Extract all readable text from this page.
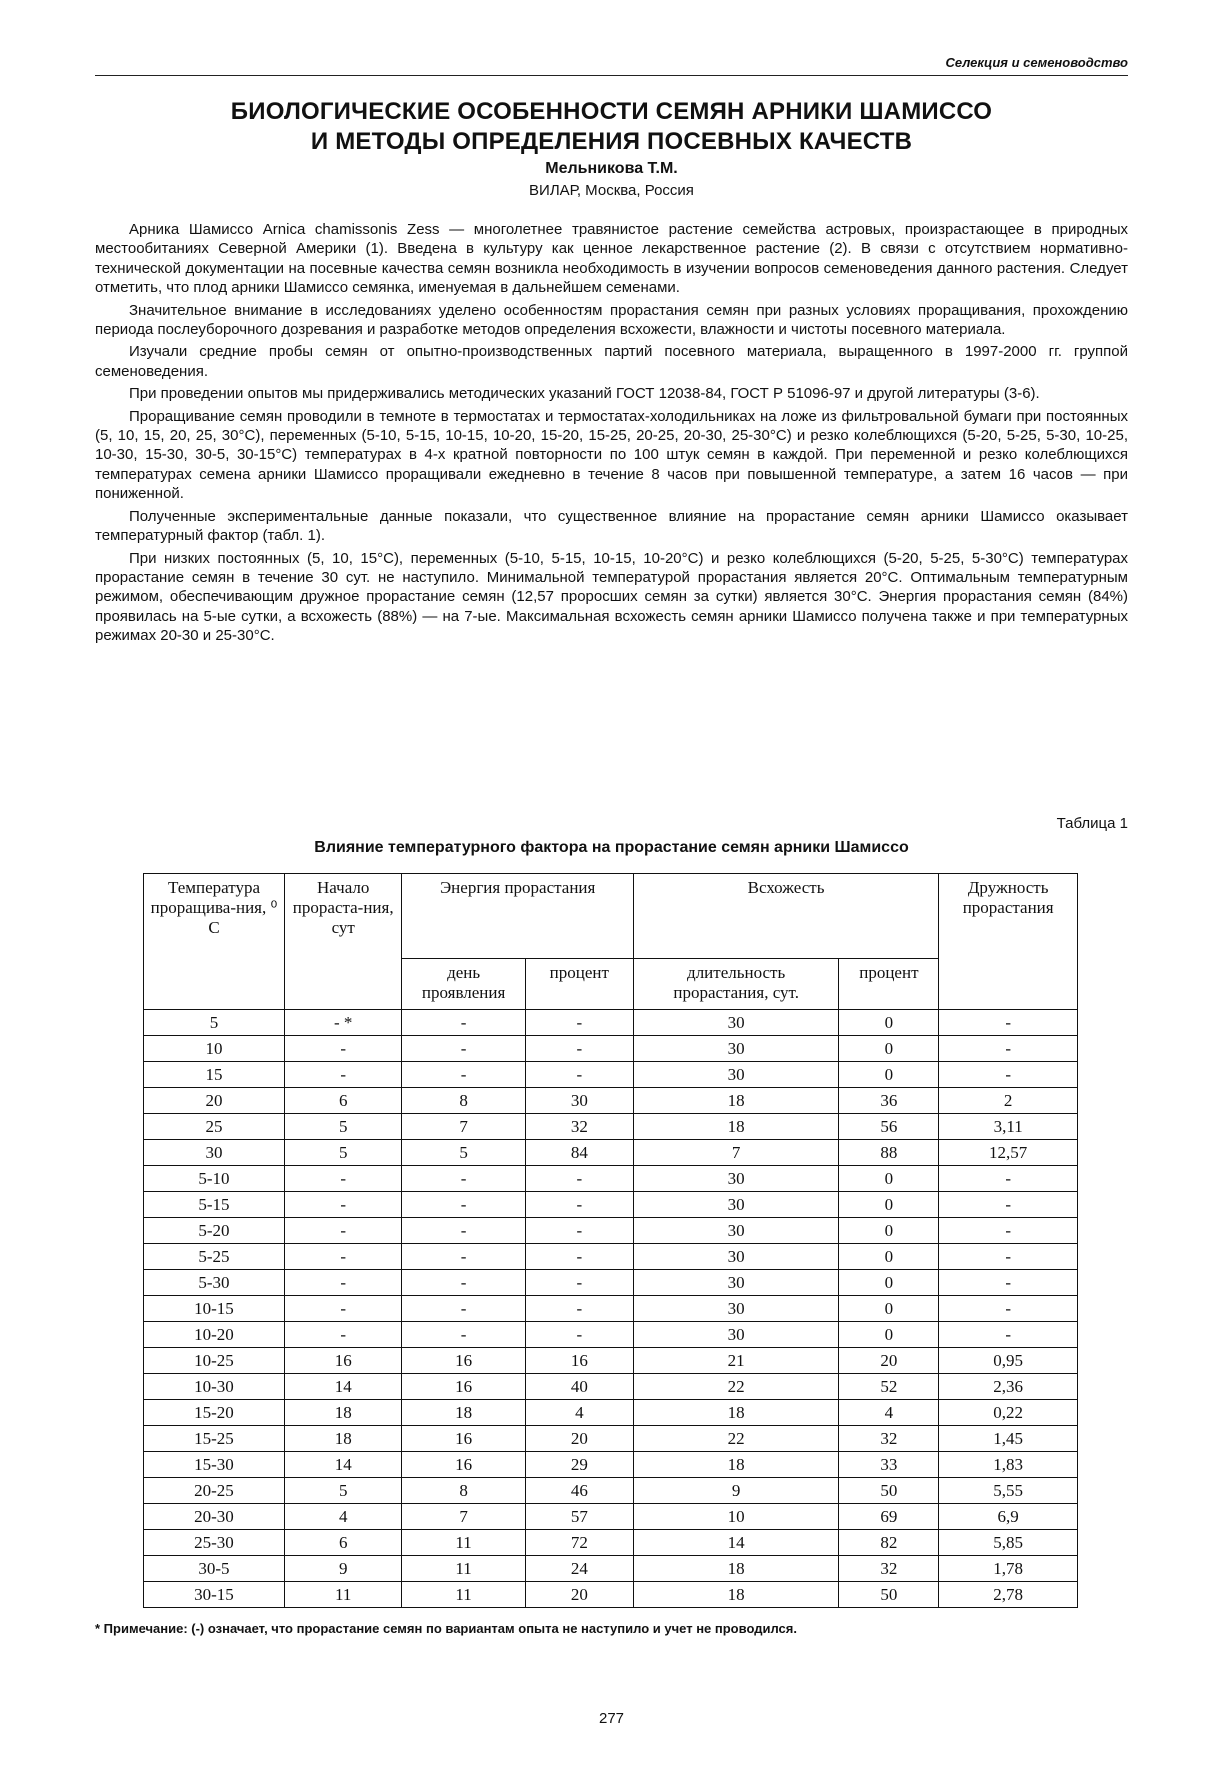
Селекция и семеноводство
БИОЛОГИЧЕСКИЕ ОСОБЕННОСТИ СЕМЯН АРНИКИ ШАМИССО
И МЕТОДЫ ОПРЕДЕЛЕНИЯ ПОСЕВНЫХ КАЧЕСТВ
Мельникова Т.М.
ВИЛАР, Москва, Россия

Арника Шамиссо Arnica chamissonis Zess — многолетнее травянистое растение семейства астровых, произрастающее в природных местообитаниях Северной Америки (1). Введена в культуру как ценное лекарственное растение (2). В связи с отсутствием нормативно-технической документации на посевные качества семян возникла необходимость в изучении вопросов семеноведения данного растения. Следует отметить, что плод арники Шамиссо семянка, именуемая в дальнейшем семенами.

Значительное внимание в исследованиях уделено особенностям прорастания семян при разных условиях проращивания, прохождению периода послеуборочного дозревания и разработке методов определения всхожести, влажности и чистоты посевного материала.

Изучали средние пробы семян от опытно-производственных партий посевного материала, выращенного в 1997-2000 гг. группой семеноведения.

При проведении опытов мы придерживались методических указаний ГОСТ 12038-84, ГОСТ Р 51096-97 и другой литературы (3-6).

Проращивание семян проводили в темноте в термостатах и термостатах-холодильниках на ложе из фильтровальной бумаги при постоянных (5, 10, 15, 20, 25, 30°С), переменных (5-10, 5-15, 10-15, 10-20, 15-20, 15-25, 20-25, 20-30, 25-30°С) и резко колеблющихся (5-20, 5-25, 5-30, 10-25, 10-30, 15-30, 30-5, 30-15°С) температурах в 4-х кратной повторности по 100 штук семян в каждой. При переменной и резко колеблющихся температурах семена арники Шамиссо проращивали ежедневно в течение 8 часов при повышенной температуре, а затем 16 часов — при пониженной.

Полученные экспериментальные данные показали, что существенное влияние на прорастание семян арники Шамиссо оказывает температурный фактор (табл. 1).

При низких постоянных (5, 10, 15°С), переменных (5-10, 5-15, 10-15, 10-20°С) и резко колеблющихся (5-20, 5-25, 5-30°С) температурах прорастание семян в течение 30 сут. не наступило. Минимальной температурой прорастания является 20°С. Оптимальным температурным режимом, обеспечивающим дружное прорастание семян (12,57 проросших семян за сутки) является 30°С. Энергия прорастания семян (84%) проявилась на 5-ые сутки, а всхожесть (88%) — на 7-ые. Максимальная всхожесть семян арники Шамиссо получена также и при температурных режимах 20-30 и 25-30°С.

Таблица 1
Влияние температурного фактора на прорастание семян арники Шамиссо
Температура проращива-ния, ⁰ С	Начало прораста-ния, сут	Энергия прорастания		Всхожесть		Дружность прорастания
		день проявления	процент	длительность прорастания, сут.	процент	
5	- *	-	-	30	0	-
10	-	-	-	30	0	-
15	-	-	-	30	0	-
20	6	8	30	18	36	2
25	5	7	32	18	56	3,11
30	5	5	84	7	88	12,57
5-10	-	-	-	30	0	-
5-15	-	-	-	30	0	-
5-20	-	-	-	30	0	-
5-25	-	-	-	30	0	-
5-30	-	-	-	30	0	-
10-15	-	-	-	30	0	-
10-20	-	-	-	30	0	-
10-25	16	16	16	21	20	0,95
10-30	14	16	40	22	52	2,36
15-20	18	18	4	18	4	0,22
15-25	18	16	20	22	32	1,45
15-30	14	16	29	18	33	1,83
20-25	5	8	46	9	50	5,55
20-30	4	7	57	10	69	6,9
25-30	6	11	72	14	82	5,85
30-5	9	11	24	18	32	1,78
30-15	11	11	20	18	50	2,78
* Примечание: (-) означает, что прорастание семян по вариантам опыта не наступило и учет не проводился.
277
